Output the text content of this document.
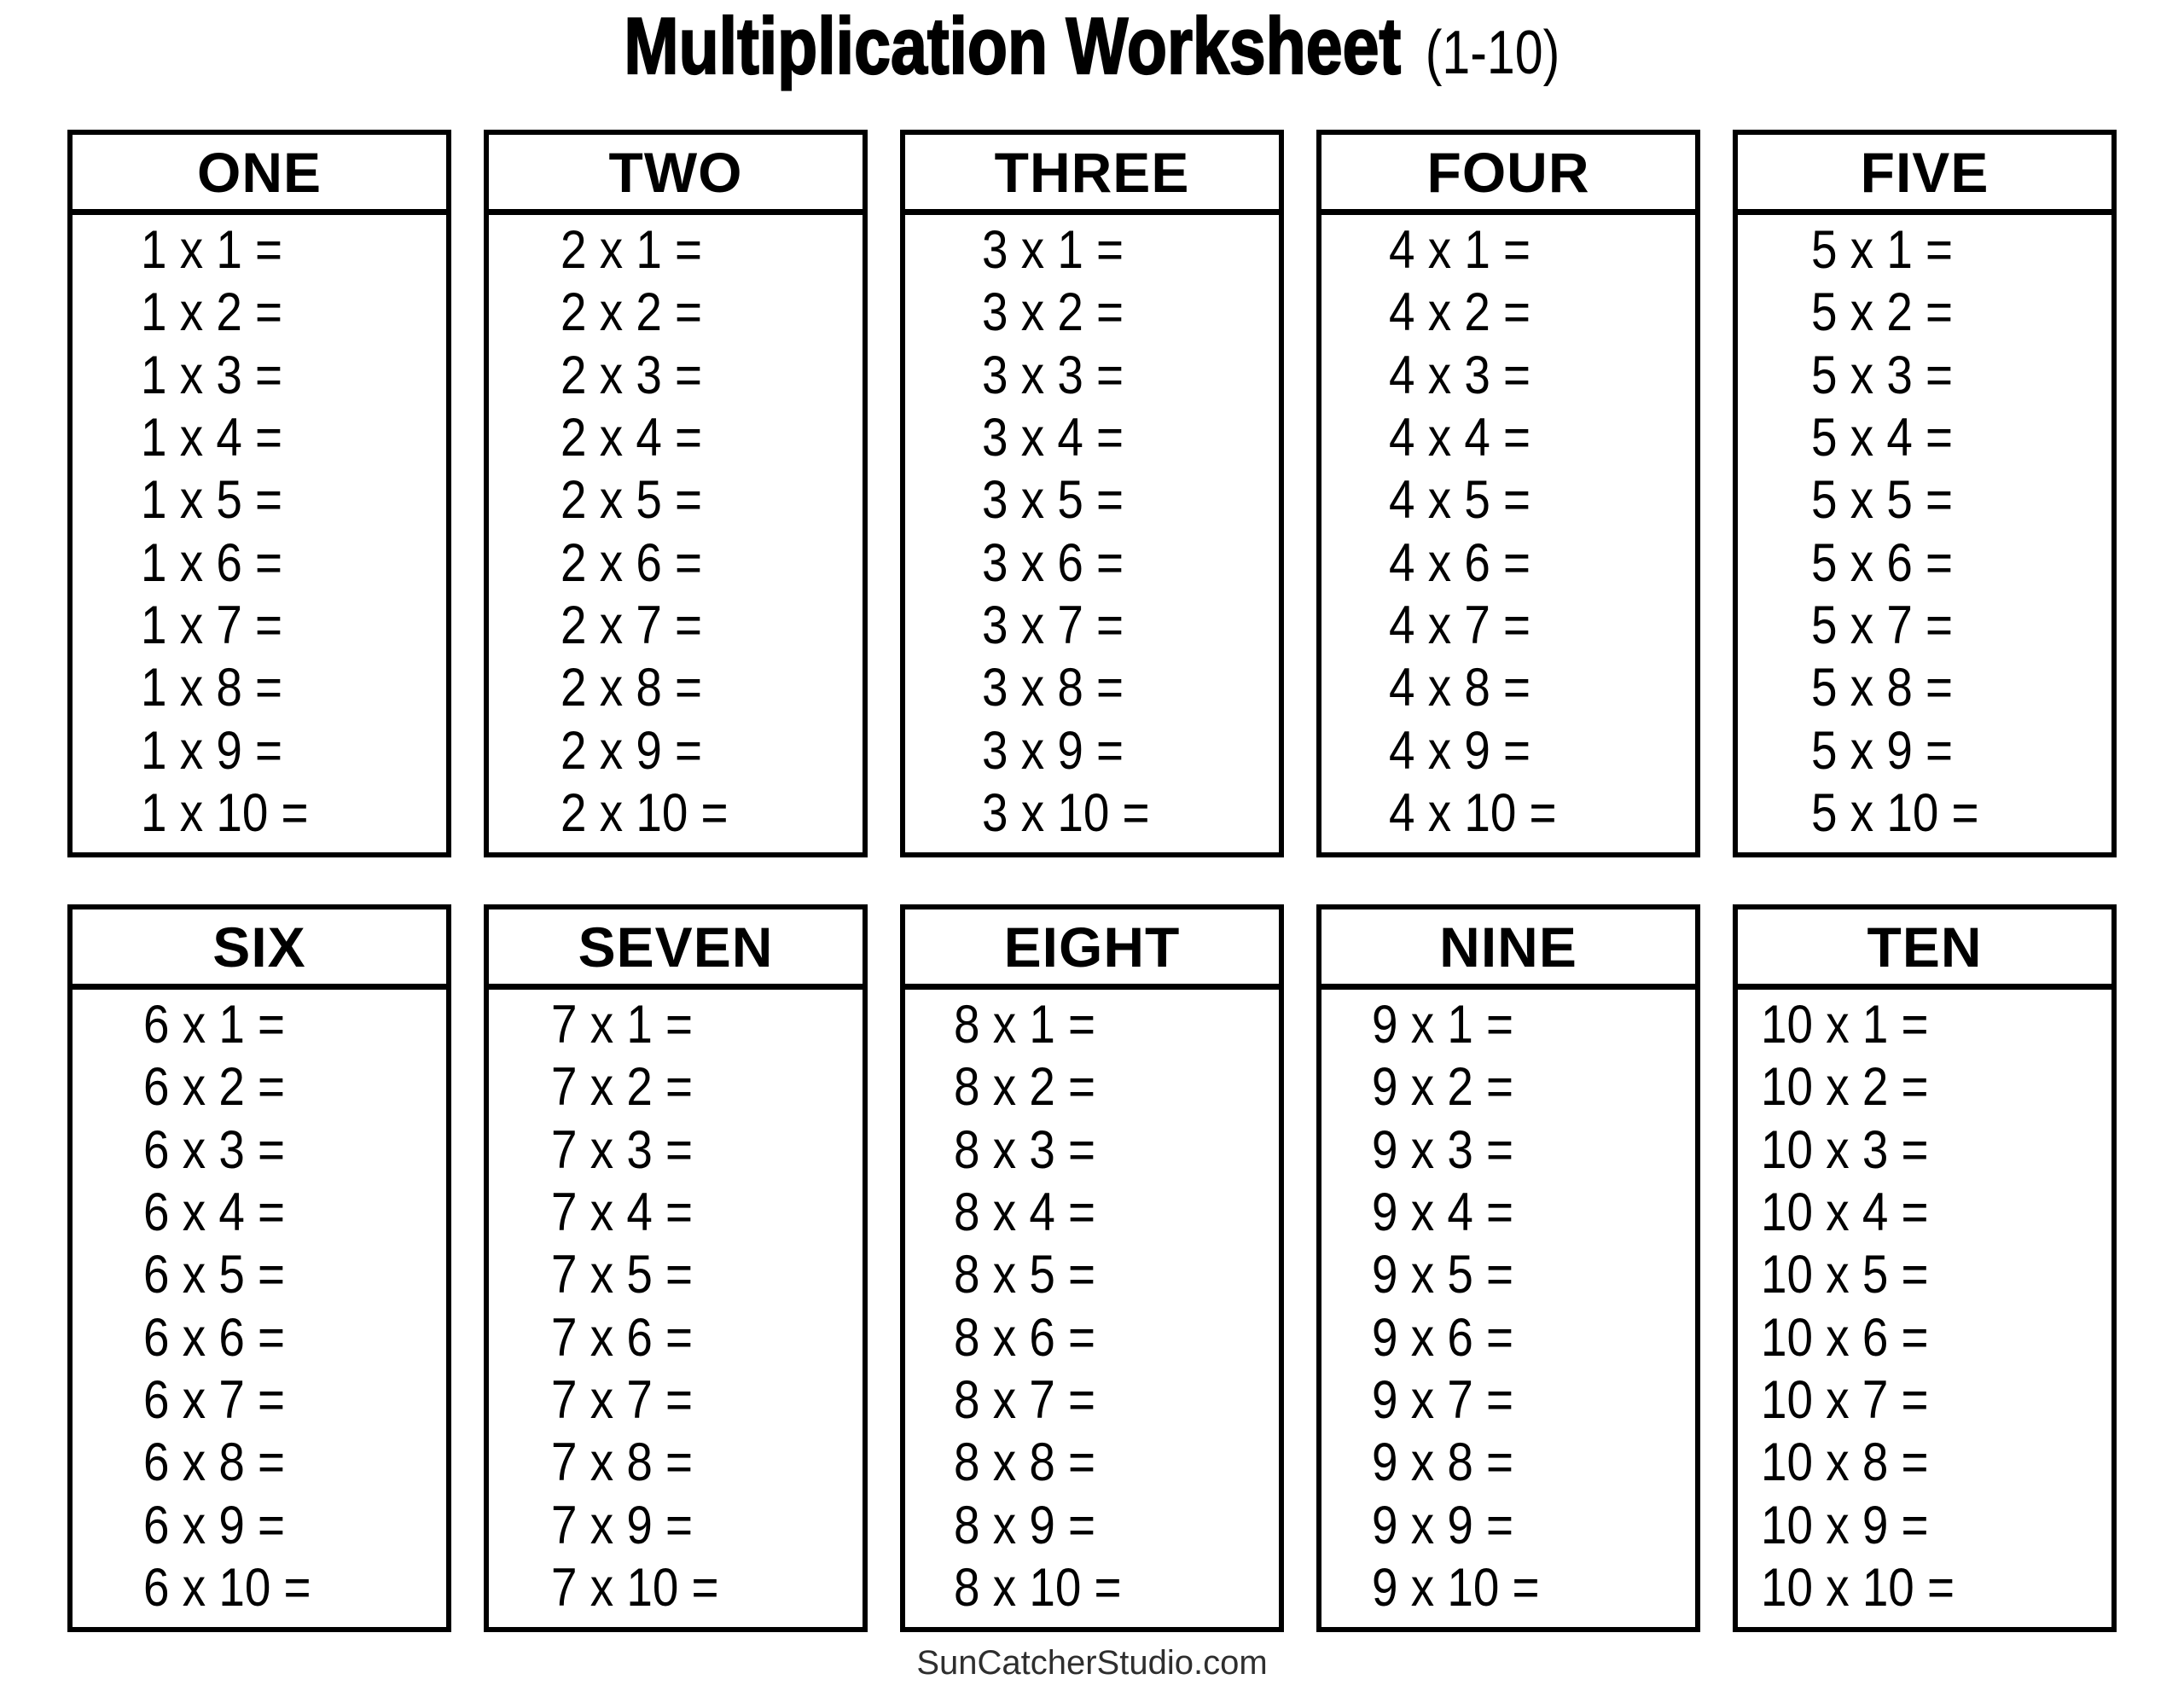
Multiplication Worksheet (1-10)
ONE
1 x 1 =
1 x 2 =
1 x 3 =
1 x 4 =
1 x 5 =
1 x 6 =
1 x 7 =
1 x 8 =
1 x 9 =
1 x 10 =
TWO
2 x 1 =
2 x 2 =
2 x 3 =
2 x 4 =
2 x 5 =
2 x 6 =
2 x 7 =
2 x 8 =
2 x 9 =
2 x 10 =
THREE
3 x 1 =
3 x 2 =
3 x 3 =
3 x 4 =
3 x 5 =
3 x 6 =
3 x 7 =
3 x 8 =
3 x 9 =
3 x 10 =
FOUR
4 x 1 =
4 x 2 =
4 x 3 =
4 x 4 =
4 x 5 =
4 x 6 =
4 x 7 =
4 x 8 =
4 x 9 =
4 x 10 =
FIVE
5 x 1 =
5 x 2 =
5 x 3 =
5 x 4 =
5 x 5 =
5 x 6 =
5 x 7 =
5 x 8 =
5 x 9 =
5 x 10 =
SIX
6 x 1 =
6 x 2 =
6 x 3 =
6 x 4 =
6 x 5 =
6 x 6 =
6 x 7 =
6 x 8 =
6 x 9 =
6 x 10 =
SEVEN
7 x 1 =
7 x 2 =
7 x 3 =
7 x 4 =
7 x 5 =
7 x 6 =
7 x 7 =
7 x 8 =
7 x 9 =
7 x 10 =
EIGHT
8 x 1 =
8 x 2 =
8 x 3 =
8 x 4 =
8 x 5 =
8 x 6 =
8 x 7 =
8 x 8 =
8 x 9 =
8 x 10 =
NINE
9 x 1 =
9 x 2 =
9 x 3 =
9 x 4 =
9 x 5 =
9 x 6 =
9 x 7 =
9 x 8 =
9 x 9 =
9 x 10 =
TEN
10 x 1 =
10 x 2 =
10 x 3 =
10 x 4 =
10 x 5 =
10 x 6 =
10 x 7 =
10 x 8 =
10 x 9 =
10 x 10 =
SunCatcherStudio.com
